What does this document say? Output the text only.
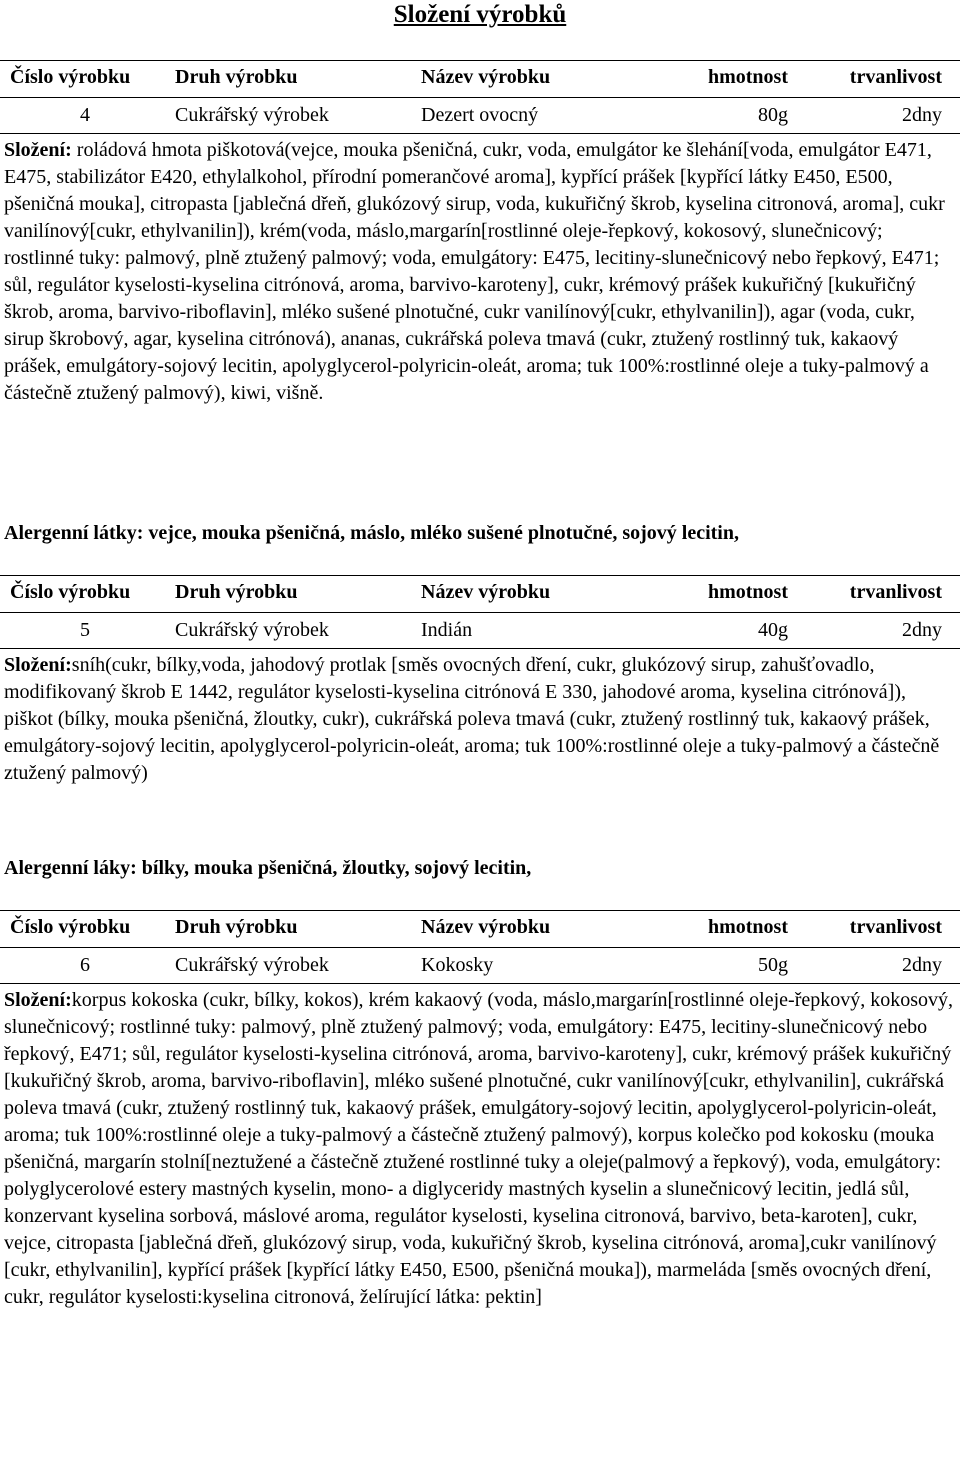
Složení výrobků
Číslo výrobku	Druh výrobku	Název výrobku	hmotnost	trvanlivost
4	Cukrářský výrobek	Dezert ovocný	80g	2dny
Složení: roládová hmota piškotová(vejce, mouka pšeničná, cukr, voda, emulgátor ke šlehání[voda, emulgátor E471, E475, stabilizátor E420, ethylalkohol, přírodní pomerančové aroma], kypřící prášek [kypřící látky E450, E500, pšeničná mouka], citropasta [jablečná dřeň, glukózový sirup, voda, kukuřičný škrob, kyselina citronová, aroma], cukr vanilínový[cukr, ethylvanilin]), krém(voda, máslo,margarín[rostlinné oleje-řepkový, kokosový, slunečnicový; rostlinné tuky: palmový, plně ztužený palmový; voda, emulgátory: E475, lecitiny-slunečnicový nebo řepkový, E471; sůl, regulátor kyselosti-kyselina citrónová, aroma, barvivo-karoteny], cukr, krémový prášek kukuřičný [kukuřičný škrob, aroma, barvivo-riboflavin], mléko sušené plnotučné, cukr vanilínový[cukr, ethylvanilin]), agar (voda, cukr, sirup škrobový, agar, kyselina citrónová), ananas, cukrářská poleva tmavá (cukr, ztužený rostlinný tuk, kakaový prášek, emulgátory-sojový lecitin, apolyglycerol-polyricin-oleát, aroma; tuk 100%:rostlinné oleje a tuky-palmový a částečně ztužený palmový), kiwi, višně.
Alergenní látky: vejce, mouka pšeničná, máslo, mléko sušené plnotučné, sojový lecitin,
Číslo výrobku	Druh výrobku	Název výrobku	hmotnost	trvanlivost
5	Cukrářský výrobek	Indián	40g	2dny
Složení:sníh(cukr, bílky,voda, jahodový protlak [směs ovocných dření, cukr, glukózový sirup, zahušťovadlo, modifikovaný škrob E 1442, regulátor kyselosti-kyselina citrónová E 330, jahodové aroma, kyselina citrónová]), piškot (bílky, mouka pšeničná, žloutky, cukr), cukrářská poleva tmavá (cukr, ztužený rostlinný tuk, kakaový prášek, emulgátory-sojový lecitin, apolyglycerol-polyricin-oleát, aroma; tuk 100%:rostlinné oleje a tuky-palmový a částečně ztužený palmový)
Alergenní láky: bílky, mouka pšeničná, žloutky, sojový lecitin,
Číslo výrobku	Druh výrobku	Název výrobku	hmotnost	trvanlivost
6	Cukrářský výrobek	Kokosky	50g	2dny
Složení:korpus kokoska (cukr, bílky, kokos), krém kakaový (voda, máslo,margarín[rostlinné oleje-řepkový, kokosový, slunečnicový; rostlinné tuky: palmový, plně ztužený palmový; voda, emulgátory: E475, lecitiny-slunečnicový nebo řepkový, E471; sůl, regulátor kyselosti-kyselina citrónová, aroma, barvivo-karoteny], cukr, krémový prášek kukuřičný [kukuřičný škrob, aroma, barvivo-riboflavin], mléko sušené plnotučné, cukr vanilínový[cukr, ethylvanilin], cukrářská poleva tmavá (cukr, ztužený rostlinný tuk, kakaový prášek, emulgátory-sojový lecitin, apolyglycerol-polyricin-oleát, aroma; tuk 100%:rostlinné oleje a tuky-palmový a částečně ztužený palmový), korpus kolečko pod kokosku (mouka pšeničná, margarín stolní[neztužené a částečně ztužené rostlinné tuky a oleje(palmový a řepkový), voda, emulgátory: polyglycerolové estery mastných kyselin, mono- a diglyceridy mastných kyselin a slunečnicový lecitin, jedlá sůl, konzervant kyselina sorbová, máslové aroma, regulátor kyselosti, kyselina citronová, barvivo, beta-karoten], cukr, vejce, citropasta [jablečná dřeň, glukózový sirup, voda, kukuřičný škrob, kyselina citrónová, aroma],cukr vanilínový [cukr, ethylvanilin], kypřící prášek [kypřící látky E450, E500, pšeničná mouka]), marmeláda [směs ovocných dření, cukr, regulátor kyselosti:kyselina citronová, želírující látka: pektin]
